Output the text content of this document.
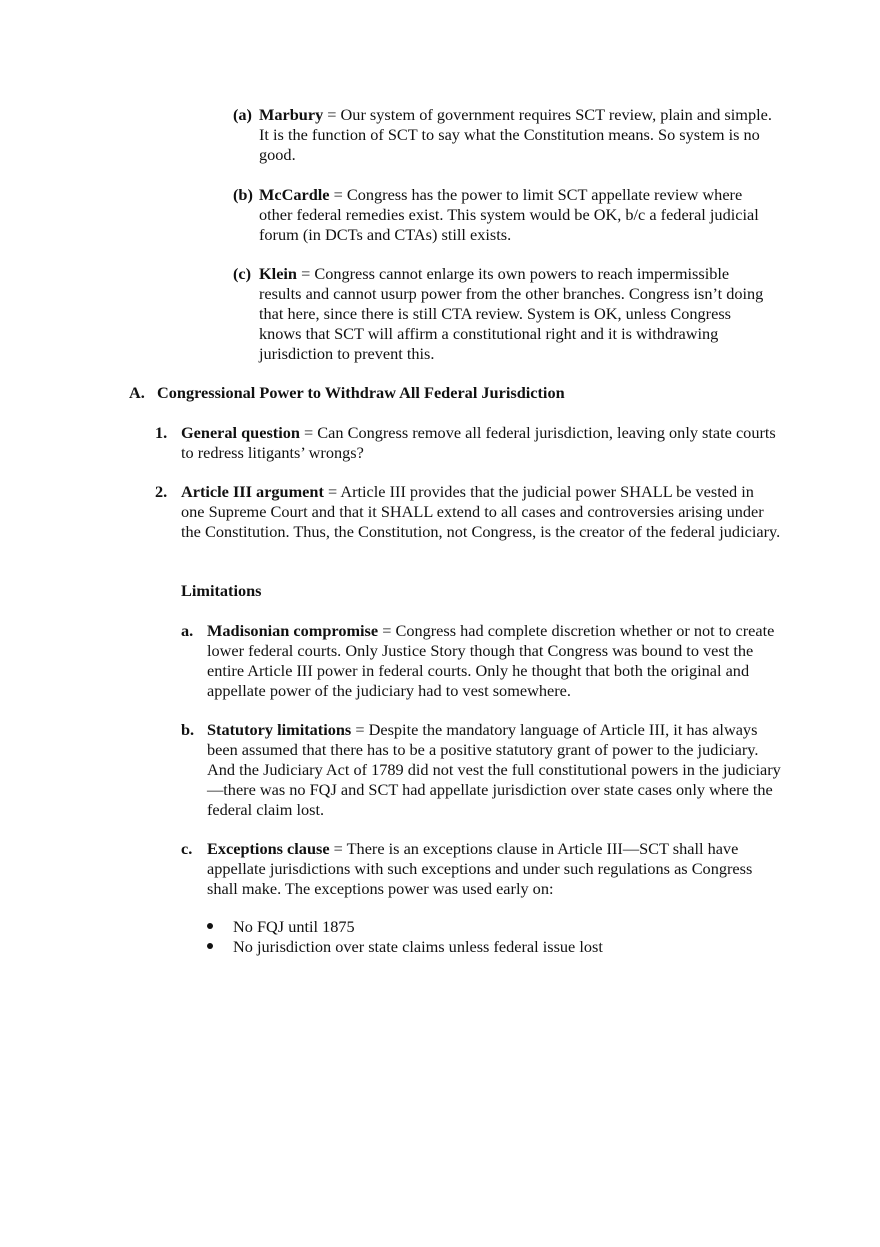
(a) Marbury = Our system of government requires SCT review, plain and simple. It is the function of SCT to say what the Constitution means. So system is no good.
(b) McCardle = Congress has the power to limit SCT appellate review where other federal remedies exist. This system would be OK, b/c a federal judicial forum (in DCTs and CTAs) still exists.
(c) Klein = Congress cannot enlarge its own powers to reach impermissible results and cannot usurp power from the other branches. Congress isn’t doing that here, since there is still CTA review. System is OK, unless Congress knows that SCT will affirm a constitutional right and it is withdrawing jurisdiction to prevent this.
A. Congressional Power to Withdraw All Federal Jurisdiction
1. General question = Can Congress remove all federal jurisdiction, leaving only state courts to redress litigants’ wrongs?
2. Article III argument = Article III provides that the judicial power SHALL be vested in one Supreme Court and that it SHALL extend to all cases and controversies arising under the Constitution. Thus, the Constitution, not Congress, is the creator of the federal judiciary.
Limitations
a. Madisonian compromise = Congress had complete discretion whether or not to create lower federal courts. Only Justice Story though that Congress was bound to vest the entire Article III power in federal courts. Only he thought that both the original and appellate power of the judiciary had to vest somewhere.
b. Statutory limitations = Despite the mandatory language of Article III, it has always been assumed that there has to be a positive statutory grant of power to the judiciary. And the Judiciary Act of 1789 did not vest the full constitutional powers in the judiciary—there was no FQJ and SCT had appellate jurisdiction over state cases only where the federal claim lost.
c. Exceptions clause = There is an exceptions clause in Article III—SCT shall have appellate jurisdictions with such exceptions and under such regulations as Congress shall make. The exceptions power was used early on:
No FQJ until 1875
No jurisdiction over state claims unless federal issue lost
